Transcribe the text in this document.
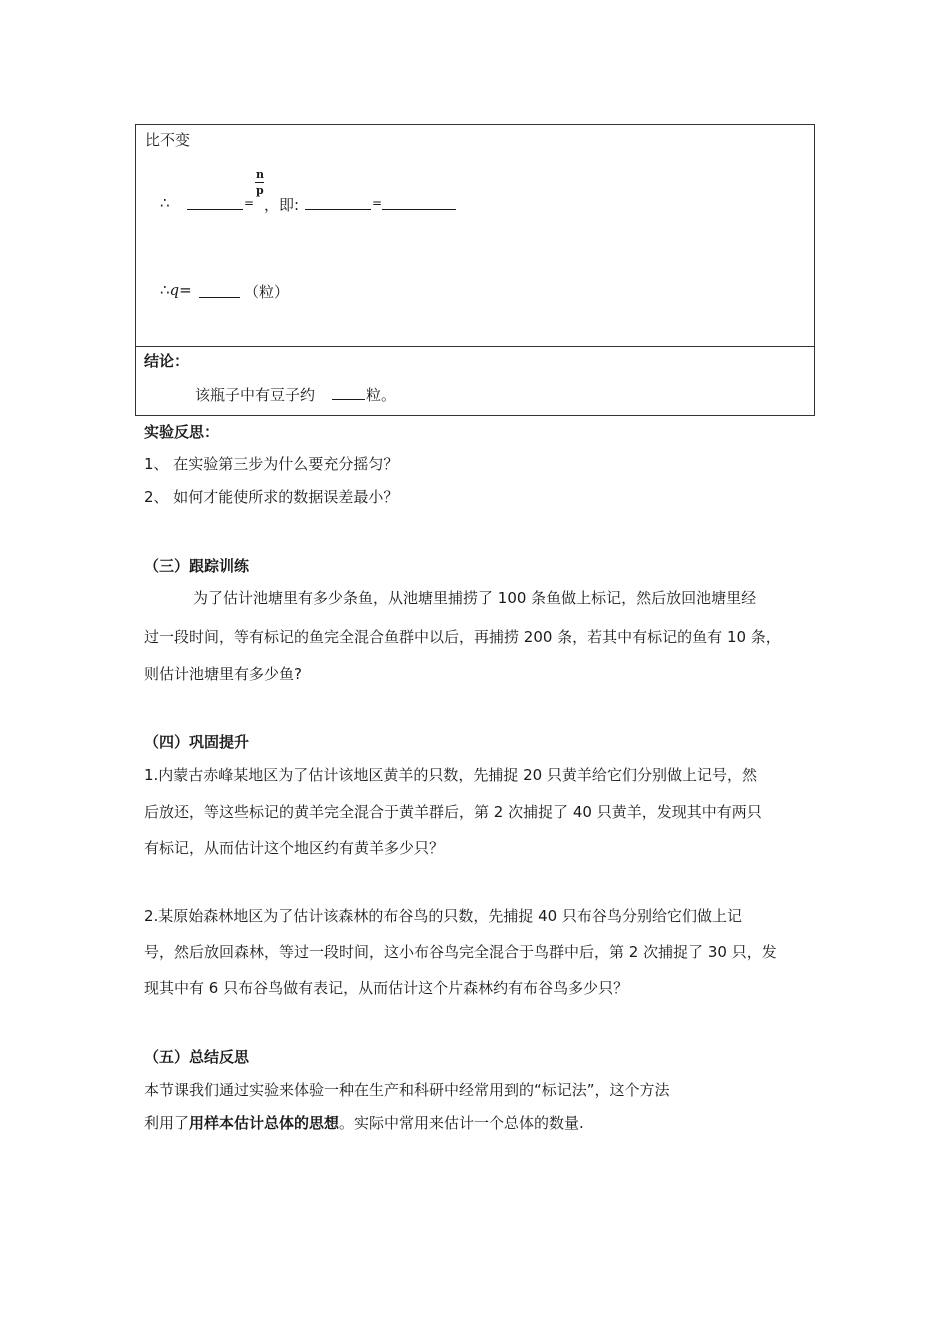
比不变
∴	=
n
p
，即:	=
∴q=	（粒）
结论：
该瓶子中有豆子约	粒。
实验反思：
1、 在实验第三步为什么要充分摇匀？
2、 如何才能使所求的数据误差最小？
（三）跟踪训练
为了估计池塘里有多少条鱼，从池塘里捕捞了 100 条鱼做上标记，然后放回池塘里经
过一段时间，等有标记的鱼完全混合鱼群中以后，再捕捞 200 条，若其中有标记的鱼有 10 条，
则估计池塘里有多少鱼?
（四）巩固提升
1.内蒙古赤峰某地区为了估计该地区黄羊的只数，先捕捉 20 只黄羊给它们分别做上记号，然
后放还，等这些标记的黄羊完全混合于黄羊群后，第 2 次捕捉了 40 只黄羊，发现其中有两只
有标记，从而估计这个地区约有黄羊多少只？
2.某原始森林地区为了估计该森林的布谷鸟的只数，先捕捉 40 只布谷鸟分别给它们做上记
号，然后放回森林，等过一段时间，这小布谷鸟完全混合于鸟群中后，第 2 次捕捉了 30 只，发
现其中有 6 只布谷鸟做有表记，从而估计这个片森林约有布谷鸟多少只？
（五）总结反思
本节课我们通过实验来体验一种在生产和科研中经常用到的“标记法”，这个方法
利用了用样本估计总体的思想。实际中常用来估计一个总体的数量.
